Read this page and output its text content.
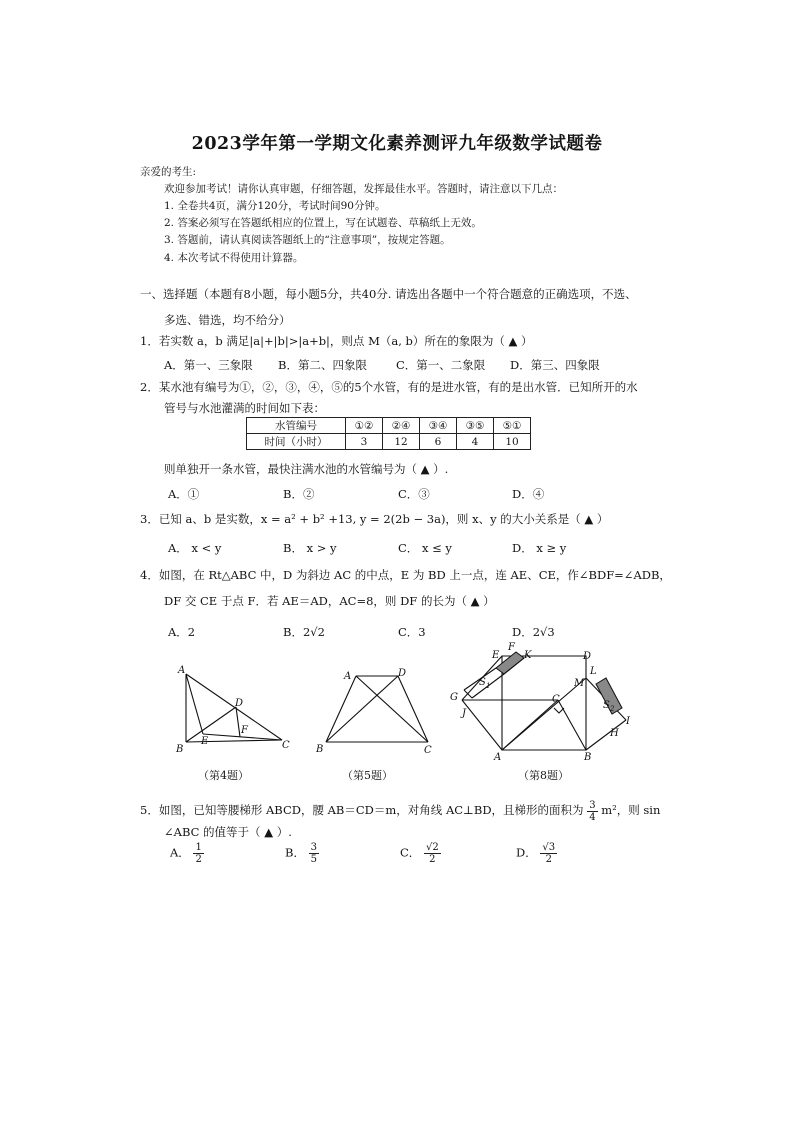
2023学年第一学期文化素养测评九年级数学试题卷
亲爱的考生:
欢迎参加考试！请你认真审题，仔细答题，发挥最佳水平。答题时，请注意以下几点：
1. 全卷共4页，满分120分，考试时间90分钟。
2. 答案必须写在答题纸相应的位置上，写在试题卷、草稿纸上无效。
3. 答题前，请认真阅读答题纸上的“注意事项”，按规定答题。
4. 本次考试不得使用计算器。
一、选择题（本题有8小题，每小题5分，共40分. 请选出各题中一个符合题意的正确选项，不选、
多选、错选，均不给分）
1．若实数 a，b 满足|a|+|b|>|a+b|，则点 M（a, b）所在的象限为（ ▲ ）
A．第一、三象限 B．第二、四象限	C．第一、二象限 D．第三、四象限
2．某水池有编号为①，②，③，④，⑤的5个水管，有的是进水管，有的是出水管．已知所开的水
管号与水池灌满的时间如下表：
水管编号	①②	②④	③④	③⑤	⑤①
时间（小时）	3	12	6	4	10
则单独开一条水管，最快注满水池的水管编号为（ ▲ ）.
A．①	B．②	C．③	D．④
3．已知 a、b 是实数，x = a² + b² +13, y = 2(2b − 3a)，则 x、y 的大小关系是（ ▲ ）
A． x < y	B． x > y	C． x ≤ y	D． x ≥ y
4．如图，在 Rt△ABC 中，D 为斜边 AC 的中点，E 为 BD 上一点，连 AE、CE，作∠BDF=∠ADB，
DF 交 CE 于点 F．若 AE＝AD，AC=8，则 DF 的长为（ ▲ ）
A．2	B．2√2	C．3	D．2√3
A
D
E
F
B	C
（第4题）
A	D
B	C
（第5题）
E
F
K	D
L
M
G
S 1
C
J
S 2
I
H
A	B
（第8题）
5．如图，已知等腰梯形 ABCD，腰 AB＝CD＝m，对角线 AC⊥BD，且梯形的面积为 $\frac{3}{4} m^2$，则 sin
∠ABC 的值等于（ ▲ ）.
A． $\frac{1}{2}$	B． $\frac{3}{5}$	C． $\frac{√2}{2}$	D． $\frac{√3}{2}$
